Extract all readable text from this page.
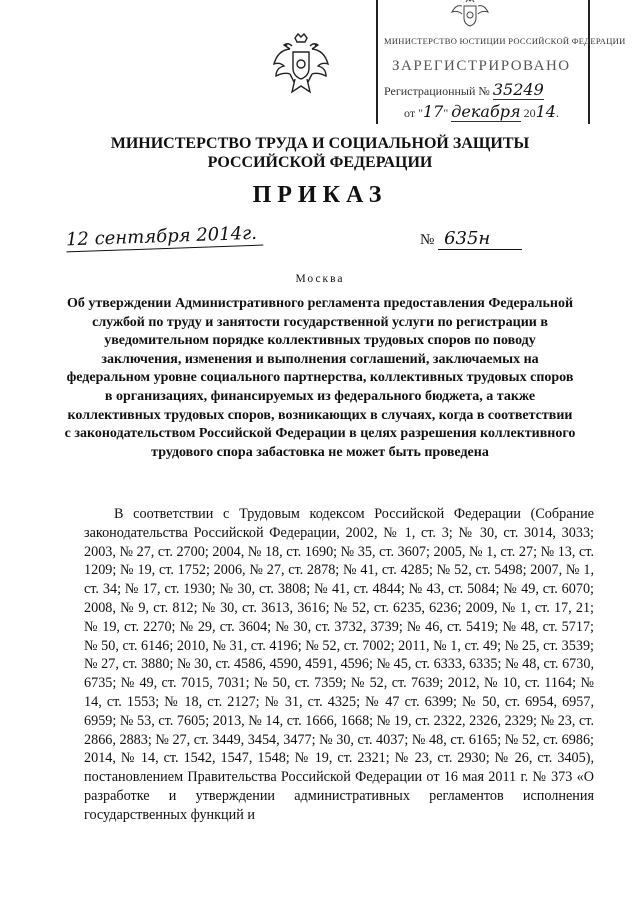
МИНИСТЕРСТВО ЮСТИЦИИ РОССИЙСКОЙ ФЕДЕРАЦИИ
ЗАРЕГИСТРИРОВАНО
Регистрационный № 35249
от "17" декабря 2014.
МИНИСТЕРСТВО ТРУДА И СОЦИАЛЬНОЙ ЗАЩИТЫ
РОССИЙСКОЙ ФЕДЕРАЦИИ
ПРИКАЗ
12 сентября 2014г.	№ 635н
Москва
Об утверждении Административного регламента предоставления Федеральной службой по труду и занятости государственной услуги по регистрации в уведомительном порядке коллективных трудовых споров по поводу заключения, изменения и выполнения соглашений, заключаемых на федеральном уровне социального партнерства, коллективных трудовых споров в организациях, финансируемых из федерального бюджета, а также коллективных трудовых споров, возникающих в случаях, когда в соответствии с законодательством Российской Федерации в целях разрешения коллективного трудового спора забастовка не может быть проведена
В соответствии с Трудовым кодексом Российской Федерации (Собрание законодательства Российской Федерации, 2002, № 1, ст. 3; № 30, ст. 3014, 3033; 2003, № 27, ст. 2700; 2004, № 18, ст. 1690; № 35, ст. 3607; 2005, № 1, ст. 27; № 13, ст. 1209; № 19, ст. 1752; 2006, № 27, ст. 2878; № 41, ст. 4285; № 52, ст. 5498; 2007, № 1, ст. 34; № 17, ст. 1930; № 30, ст. 3808; № 41, ст. 4844; № 43, ст. 5084; № 49, ст. 6070; 2008, № 9, ст. 812; № 30, ст. 3613, 3616; № 52, ст. 6235, 6236; 2009, № 1, ст. 17, 21; № 19, ст. 2270; № 29, ст. 3604; № 30, ст. 3732, 3739; № 46, ст. 5419; № 48, ст. 5717; № 50, ст. 6146; 2010, № 31, ст. 4196; № 52, ст. 7002; 2011, № 1, ст. 49; № 25, ст. 3539; № 27, ст. 3880; № 30, ст. 4586, 4590, 4591, 4596; № 45, ст. 6333, 6335; № 48, ст. 6730, 6735; № 49, ст. 7015, 7031; № 50, ст. 7359; № 52, ст. 7639; 2012, № 10, ст. 1164; № 14, ст. 1553; № 18, ст. 2127; № 31, ст. 4325; № 47 ст. 6399; № 50, ст. 6954, 6957, 6959; № 53, ст. 7605; 2013, № 14, ст. 1666, 1668; № 19, ст. 2322, 2326, 2329; № 23, ст. 2866, 2883; № 27, ст. 3449, 3454, 3477; № 30, ст. 4037; № 48, ст. 6165; № 52, ст. 6986; 2014, № 14, ст. 1542, 1547, 1548; № 19, ст. 2321; № 23, ст. 2930; № 26, ст. 3405), постановлением Правительства Российской Федерации от 16 мая 2011 г. № 373 «О разработке и утверждении административных регламентов исполнения государственных функций и
